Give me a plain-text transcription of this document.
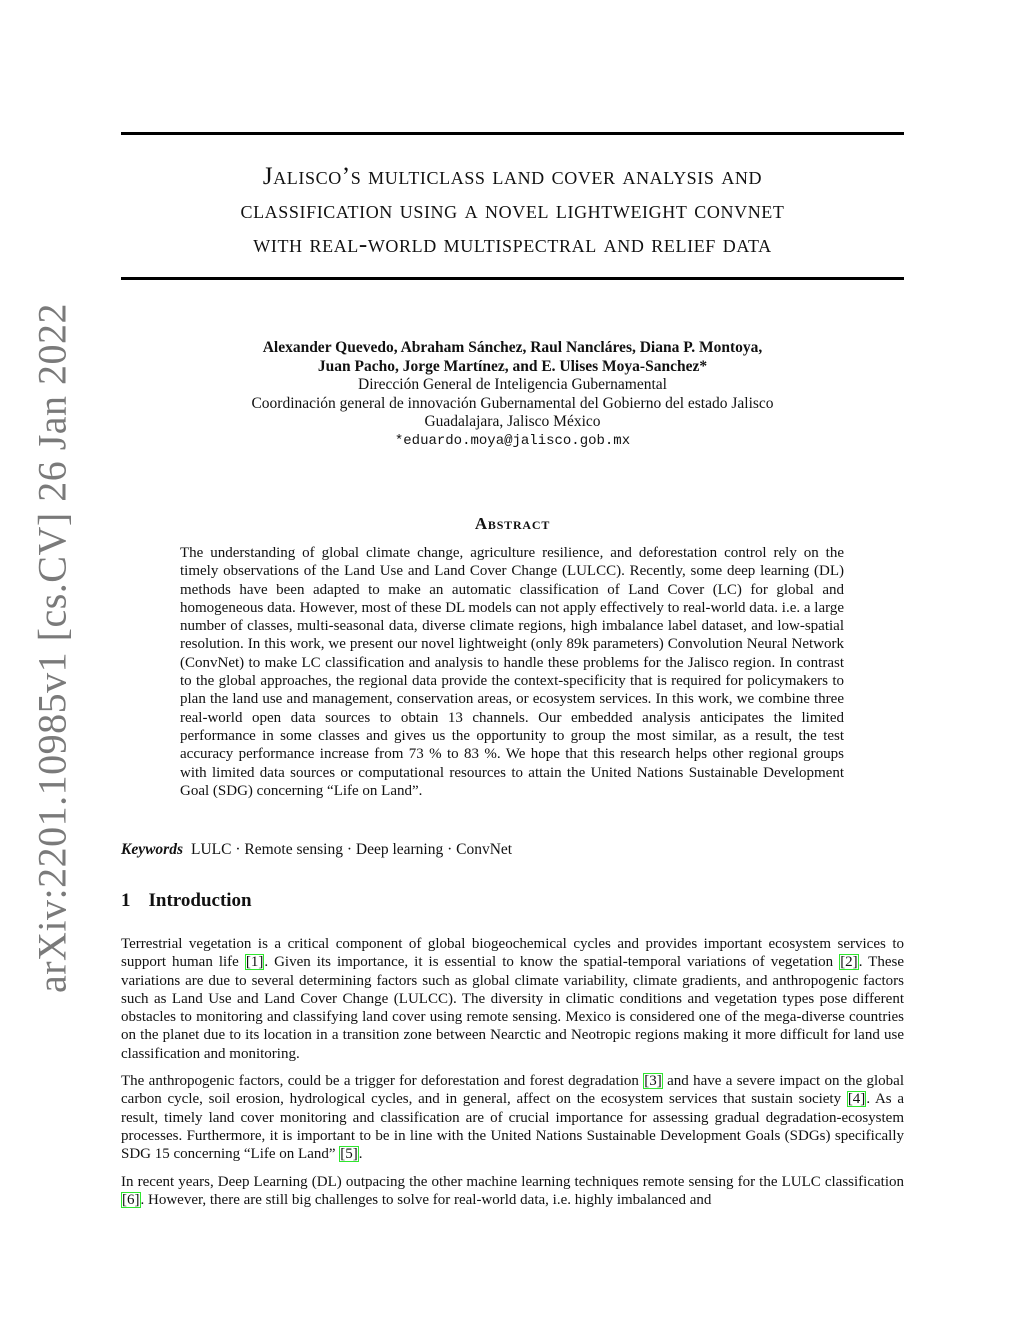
arXiv:2201.10985v1 [cs.CV] 26 Jan 2022
Jalisco’s multiclass land cover analysis and
classification using a novel lightweight convnet
with real-world multispectral and relief data
Alexander Quevedo, Abraham Sánchez, Raul Nancláres, Diana P. Montoya,
Juan Pacho, Jorge Martínez, and E. Ulises Moya-Sanchez*
Dirección General de Inteligencia Gubernamental
Coordinación general de innovación Gubernamental del Gobierno del estado Jalisco
Guadalajara, Jalisco México
*eduardo.moya@jalisco.gob.mx
Abstract
The understanding of global climate change, agriculture resilience, and deforestation control rely on the timely observations of the Land Use and Land Cover Change (LULCC). Recently, some deep learning (DL) methods have been adapted to make an automatic classification of Land Cover (LC) for global and homogeneous data. However, most of these DL models can not apply effectively to real-world data. i.e. a large number of classes, multi-seasonal data, diverse climate regions, high imbalance label dataset, and low-spatial resolution. In this work, we present our novel lightweight (only 89k parameters) Convolution Neural Network (ConvNet) to make LC classification and analysis to handle these problems for the Jalisco region. In contrast to the global approaches, the regional data provide the context-specificity that is required for policymakers to plan the land use and management, conservation areas, or ecosystem services. In this work, we combine three real-world open data sources to obtain 13 channels. Our embedded analysis anticipates the limited performance in some classes and gives us the opportunity to group the most similar, as a result, the test accuracy performance increase from 73 % to 83 %. We hope that this research helps other regional groups with limited data sources or computational resources to attain the United Nations Sustainable Development Goal (SDG) concerning “Life on Land”.
Keywords LULC · Remote sensing · Deep learning · ConvNet
1 Introduction

Terrestrial vegetation is a critical component of global biogeochemical cycles and provides important ecosystem services to support human life [1]. Given its importance, it is essential to know the spatial-temporal variations of vegetation [2]. These variations are due to several determining factors such as global climate variability, climate gradients, and anthropogenic factors such as Land Use and Land Cover Change (LULCC). The diversity in climatic conditions and vegetation types pose different obstacles to monitoring and classifying land cover using remote sensing. Mexico is considered one of the mega-diverse countries on the planet due to its location in a transition zone between Nearctic and Neotropic regions making it more difficult for land use classification and monitoring.

The anthropogenic factors, could be a trigger for deforestation and forest degradation [3] and have a severe impact on the global carbon cycle, soil erosion, hydrological cycles, and in general, affect on the ecosystem services that sustain society [4]. As a result, timely land cover monitoring and classification are of crucial importance for assessing gradual degradation-ecosystem processes. Furthermore, it is important to be in line with the United Nations Sustainable Development Goals (SDGs) specifically SDG 15 concerning “Life on Land” [5].

In recent years, Deep Learning (DL) outpacing the other machine learning techniques remote sensing for the LULC classification [6]. However, there are still big challenges to solve for real-world data, i.e. highly imbalanced and
